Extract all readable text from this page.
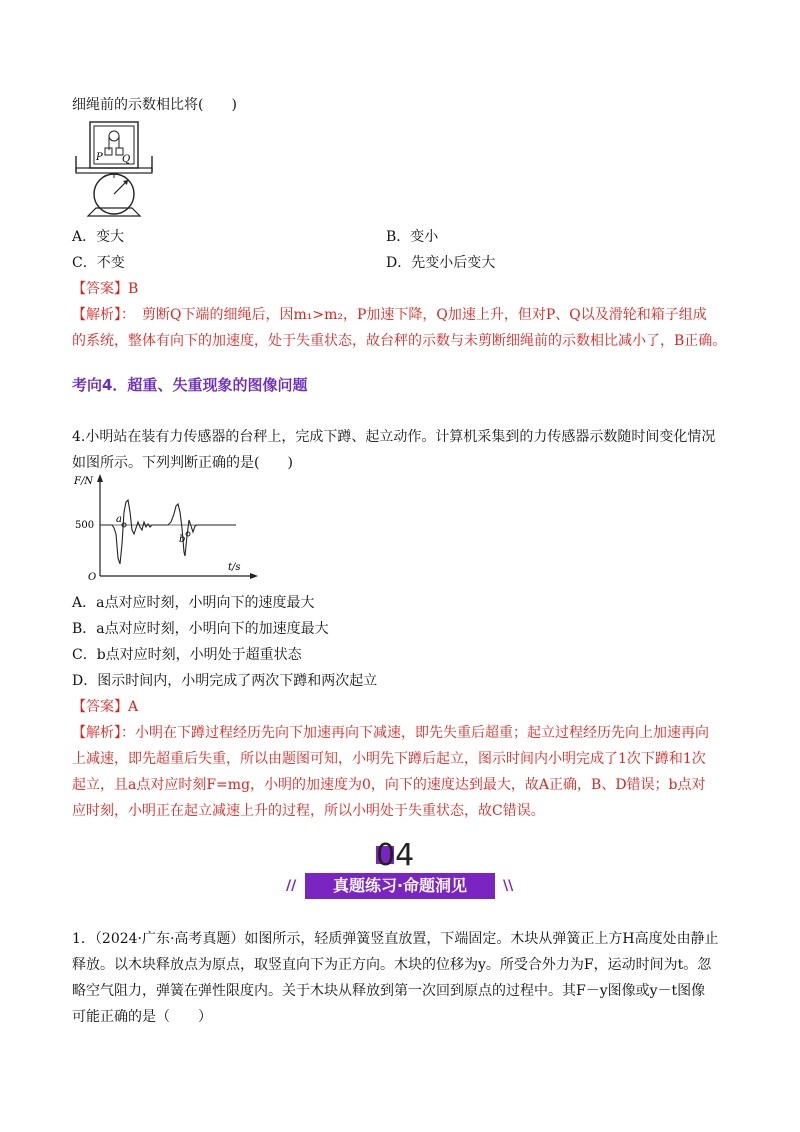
细绳前的示数相比将(　　)
P Q
A．变大	B．变小
C．不变	D．先变小后变大
【答案】B
【解析】：　剪断Q下端的细绳后，因m₁>m₂，P加速下降，Q加速上升，但对P、Q以及滑轮和箱子组成
的系统，整体有向下的加速度，处于失重状态，故台秤的示数与未剪断细绳前的示数相比减小了，B正确。
考向4．超重、失重现象的图像问题
4.小明站在装有力传感器的台秤上，完成下蹲、起立动作。计算机采集到的力传感器示数随时间变化情况
如图所示。下列判断正确的是(　　)
F/N
t/s
O
500
a
b
A．a点对应时刻，小明向下的速度最大
B．a点对应时刻，小明向下的加速度最大
C．b点对应时刻，小明处于超重状态
D．图示时间内，小明完成了两次下蹲和两次起立
【答案】A
【解析】：小明在下蹲过程经历先向下加速再向下减速，即先失重后超重；起立过程经历先向上加速再向
上减速，即先超重后失重，所以由题图可知，小明先下蹲后起立，图示时间内小明完成了1次下蹲和1次
起立，且a点对应时刻F=mg，小明的加速度为0，向下的速度达到最大，故A正确，B、D错误；b点对
应时刻，小明正在起立减速上升的过程，所以小明处于失重状态，故C错误。
04
//	真题练习·命题洞见	\\
1．（2024·广东·高考真题）如图所示，轻质弹簧竖直放置，下端固定。木块从弹簧正上方H高度处由静止
释放。以木块释放点为原点，取竖直向下为正方向。木块的位移为y。所受合外力为F，运动时间为t。忽
略空气阻力，弹簧在弹性限度内。关于木块从释放到第一次回到原点的过程中。其F－y图像或y－t图像
可能正确的是（　　）
